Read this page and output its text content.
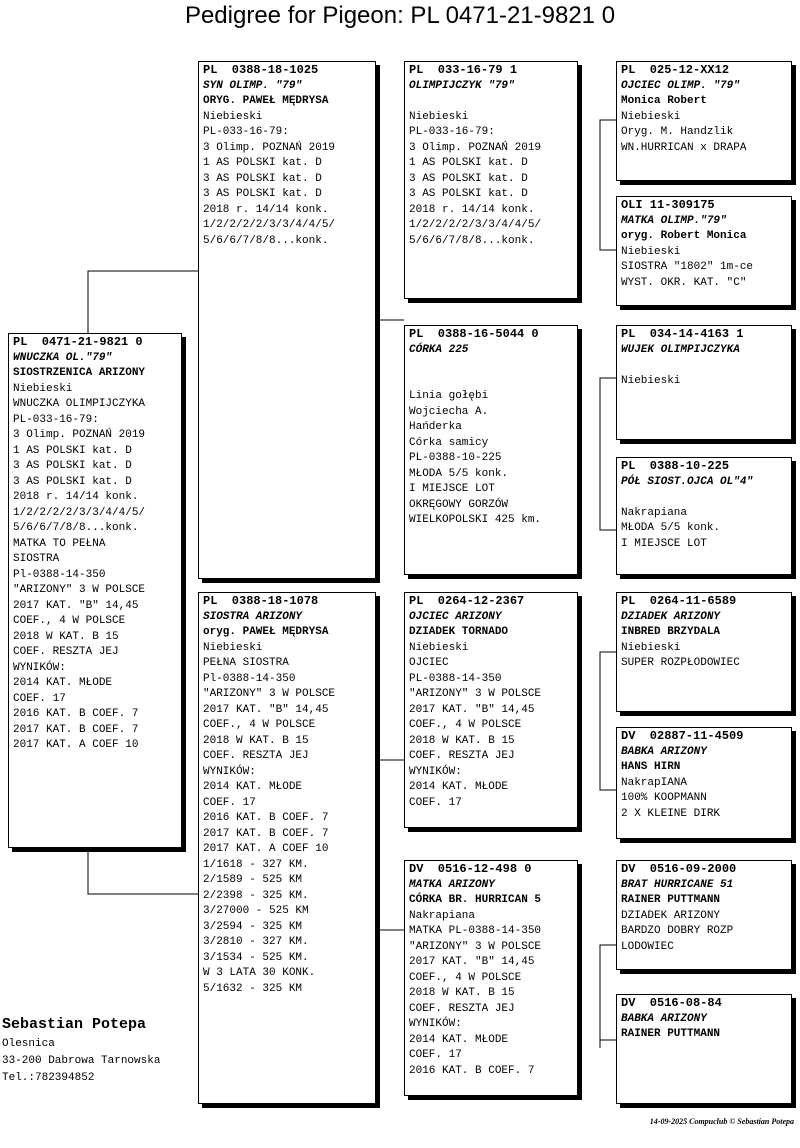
Pedigree for Pigeon: PL 0471-21-9821 0
PL  0471-21-9821 0
WNUCZKA OL."79"
SIOSTRZENICA ARIZONY
Niebieski
WNUCZKA OLIMPIJCZYKA
PL-033-16-79:
3 Olimp. POZNAŃ 2019
1 AS POLSKI kat. D
3 AS POLSKI kat. D
3 AS POLSKI kat. D
2018 r. 14/14 konk.
1/2/2/2/2/3/3/4/4/5/
5/6/6/7/8/8...konk.
MATKA TO PEŁNA
SIOSTRA
Pl-0388-14-350
"ARIZONY" 3 W POLSCE
2017 KAT. "B" 14,45
COEF., 4 W POLSCE
2018 W KAT. B 15
COEF. RESZTA JEJ
WYNIKÓW:
2014 KAT. MŁODE
COEF. 17
2016 KAT. B COEF. 7
2017 KAT. B COEF. 7
2017 KAT. A COEF 10
PL  0388-18-1025
SYN OLIMP. "79"
ORYG. PAWEŁ MĘDRYSA
Niebieski
PL-033-16-79:
3 Olimp. POZNAŃ 2019
1 AS POLSKI kat. D
3 AS POLSKI kat. D
3 AS POLSKI kat. D
2018 r. 14/14 konk.
1/2/2/2/2/3/3/4/4/5/
5/6/6/7/8/8...konk.
PL  0388-18-1078
SIOSTRA ARIZONY
oryg. PAWEŁ MĘDRYSA
Niebieski
PEŁNA SIOSTRA
Pl-0388-14-350
"ARIZONY" 3 W POLSCE
2017 KAT. "B" 14,45
COEF., 4 W POLSCE
2018 W KAT. B 15
COEF. RESZTA JEJ
WYNIKÓW:
2014 KAT. MŁODE
COEF. 17
2016 KAT. B COEF. 7
2017 KAT. B COEF. 7
2017 KAT. A COEF 10
1/1618 - 327 KM.
2/1589 - 525 KM
2/2398 - 325 KM.
3/27000 - 525 KM
3/2594 - 325 KM
3/2810 - 327 KM.
3/1534 - 525 KM.
W 3 LATA 30 KONK.
5/1632 - 325 KM
PL  033-16-79 1
OLIMPIJCZYK "79"

Niebieski
PL-033-16-79:
3 Olimp. POZNAŃ 2019
1 AS POLSKI kat. D
3 AS POLSKI kat. D
3 AS POLSKI kat. D
2018 r. 14/14 konk.
1/2/2/2/2/3/3/4/4/5/
5/6/6/7/8/8...konk.
PL  0388-16-5044 0
CÓRKA 225

Linia gołębi
Wojciecha A.
Hańderka
Córka samicy
PL-0388-10-225
MŁODA 5/5 konk.
I MIEJSCE LOT
OKRĘGOWY GORZÓW
WIELKOPOLSKI 425 km.
PL  0264-12-2367
OJCIEC ARIZONY
DZIADEK TORNADO
Niebieski
OJCIEC
PL-0388-14-350
"ARIZONY" 3 W POLSCE
2017 KAT. "B" 14,45
COEF., 4 W POLSCE
2018 W KAT. B 15
COEF. RESZTA JEJ
WYNIKÓW:
2014 KAT. MŁODE
COEF. 17
DV  0516-12-498 0
MATKA ARIZONY
CÓRKA BR. HURRICAN 5
Nakrapiana
MATKA PL-0388-14-350
"ARIZONY" 3 W POLSCE
2017 KAT. "B" 14,45
COEF., 4 W POLSCE
2018 W KAT. B 15
COEF. RESZTA JEJ
WYNIKÓW:
2014 KAT. MŁODE
COEF. 17
2016 KAT. B COEF. 7
PL  025-12-XX12
OJCIEC OLIMP. "79"
Monica Robert
Niebieski
Oryg. M. Handzlik
WN.HURRICAN x DRAPA
OLI 11-309175
MATKA OLIMP."79"
oryg. Robert Monica
Niebieski
SIOSTRA "1802" 1m-ce
WYST. OKR. KAT. "C"
PL  034-14-4163 1
WUJEK OLIMPIJCZYKA

Niebieski
PL  0388-10-225
PÓŁ SIOST.OJCA OL"4"

Nakrapiana
MŁODA 5/5 konk.
I MIEJSCE LOT
PL  0264-11-6589
DZIADEK ARIZONY
INBRED BRZYDALA
Niebieski
SUPER ROZPŁODOWIEC
DV  02887-11-4509
BABKA ARIZONY
HANS HIRN
NakrapIANA
100% KOOPMANN
2 X KLEINE DIRK
DV  0516-09-2000
BRAT HURRICANE 51
RAINER PUTTMANN
DZIADEK ARIZONY
BARDZO DOBRY ROZP
LODOWIEC
DV  0516-08-84
BABKA ARIZONY
RAINER PUTTMANN
Sebastian Potepa
Olesnica
33-200 Dabrowa Tarnowska
Tel.:782394852
14-09-2025 Compuclub © Sebastian Potepa
